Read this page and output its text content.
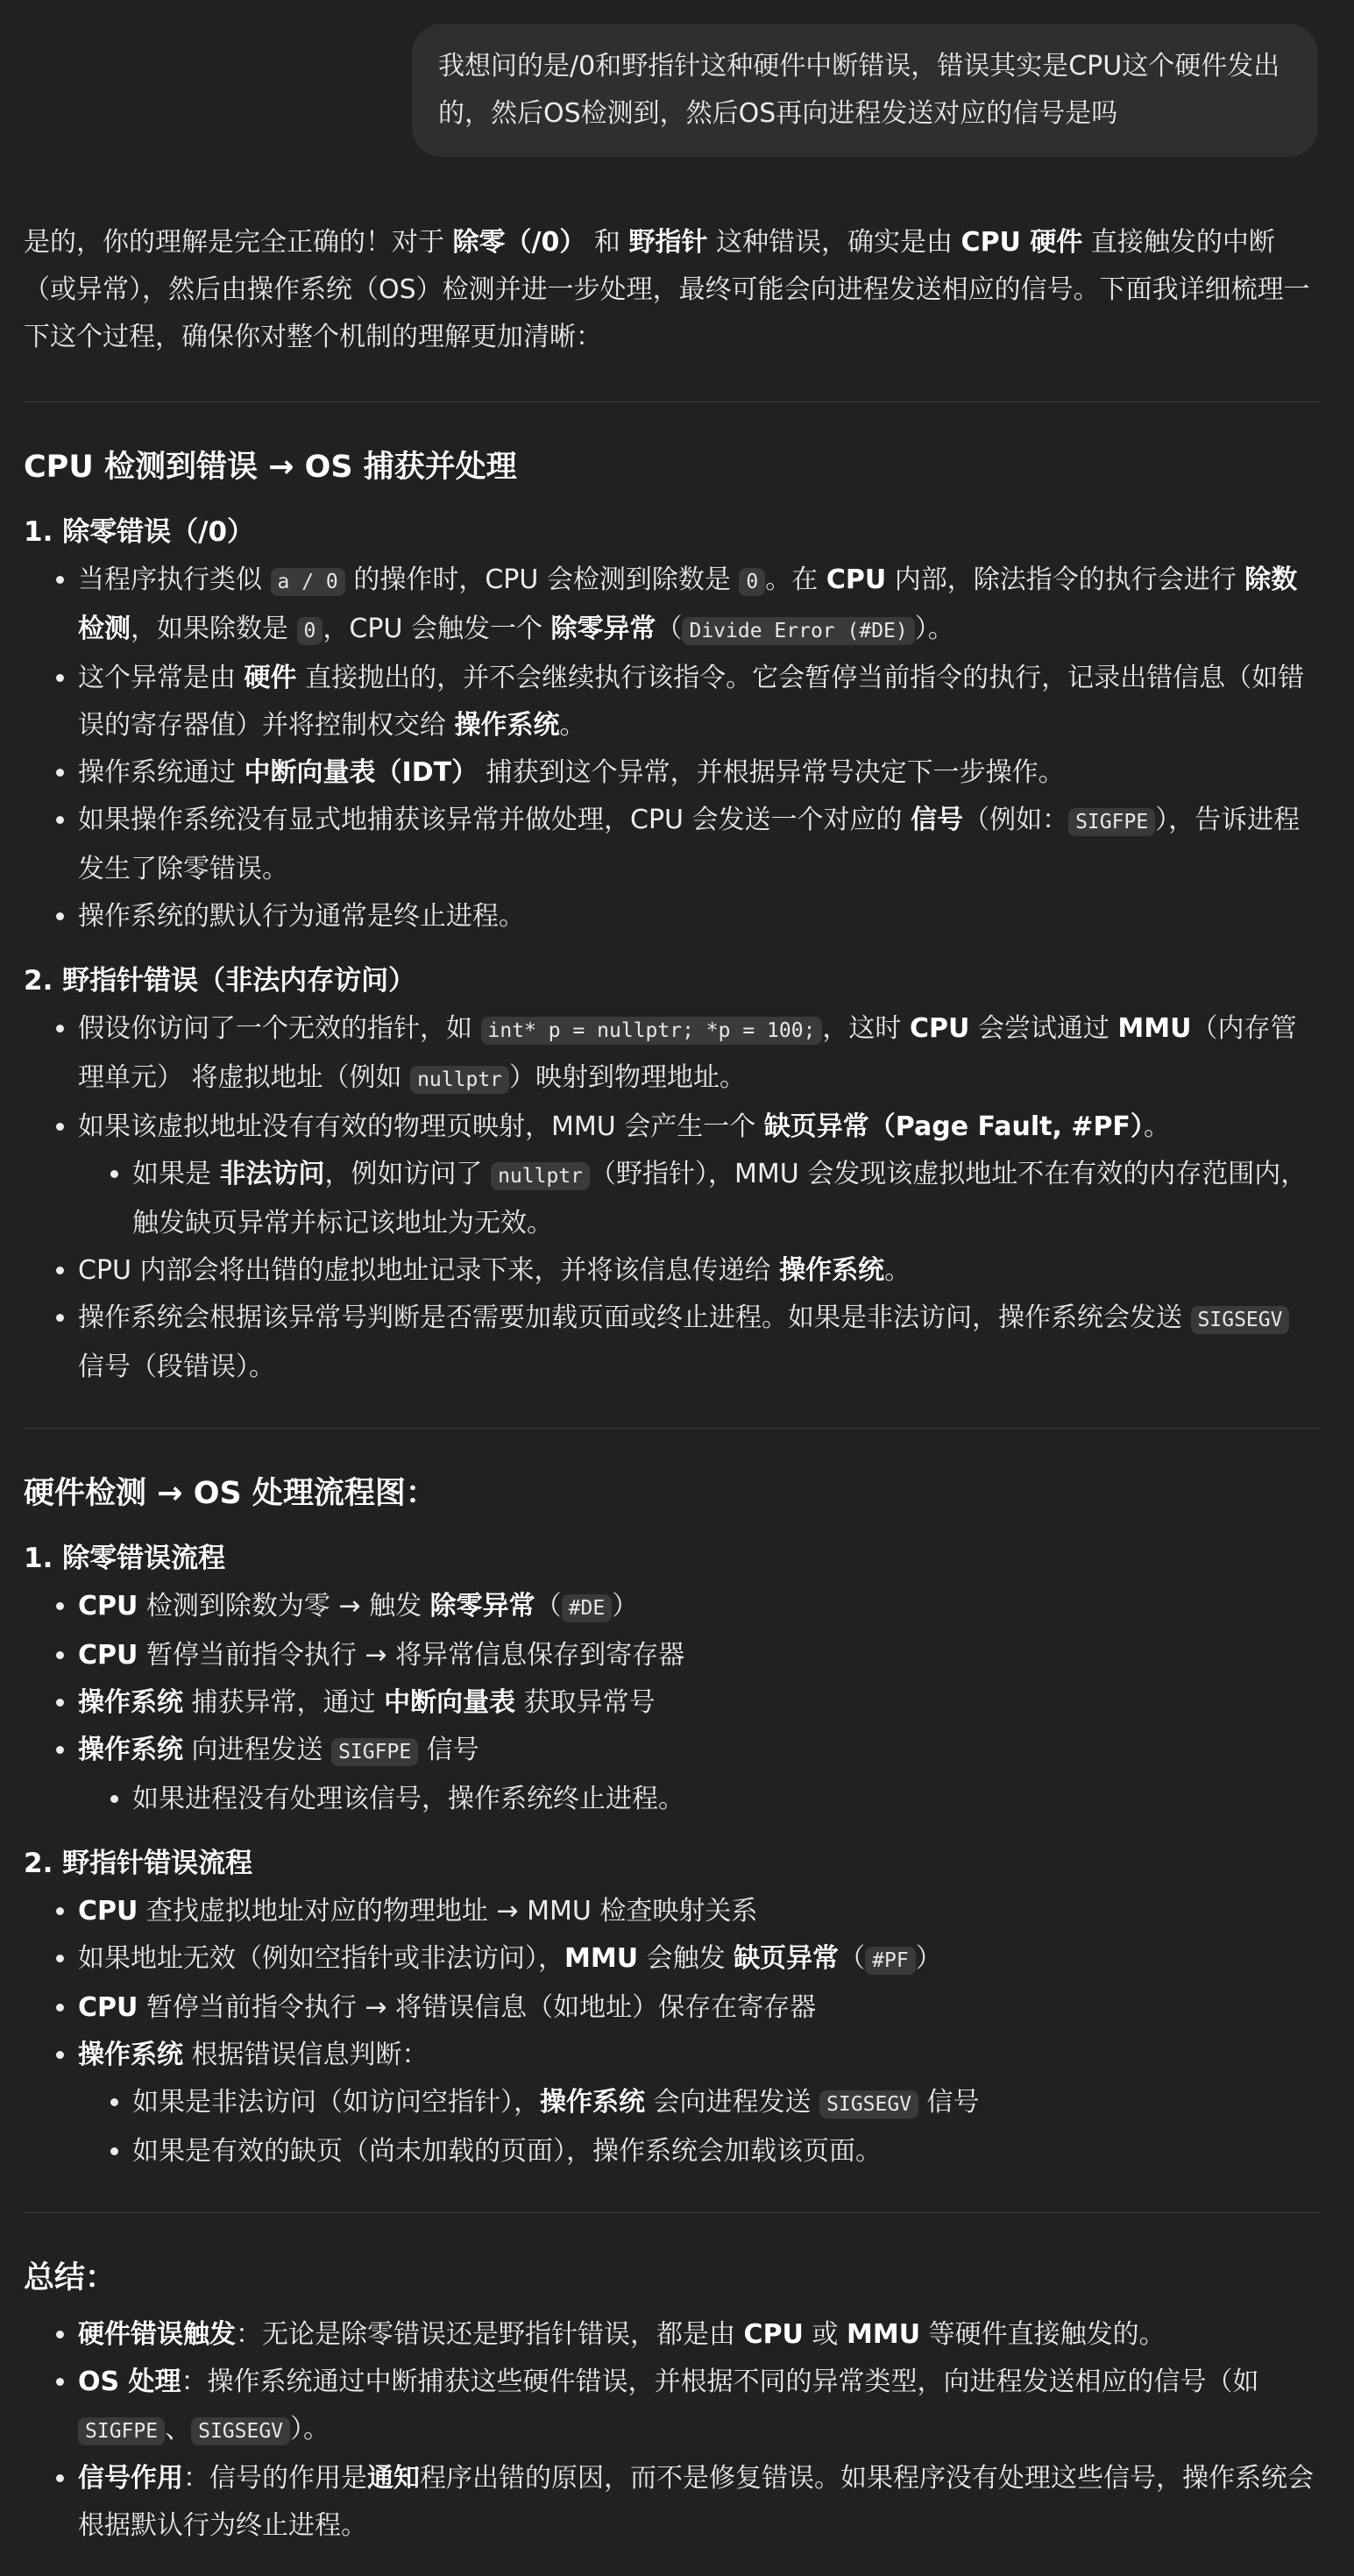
我想问的是/0和野指针这种硬件中断错误，错误其实是CPU这个硬件发出的，然后OS检测到，然后OS再向进程发送对应的信号是吗

是的，你的理解是完全正确的！对于 除零（/0） 和 野指针 这种错误，确实是由 CPU 硬件 直接触发的中断（或异常），然后由操作系统（OS）检测并进一步处理，最终可能会向进程发送相应的信号。下面我详细梳理一下这个过程，确保你对整个机制的理解更加清晰：

CPU 检测到错误 → OS 捕获并处理
1. 除零错误（/0）
• 当程序执行类似 a / 0 的操作时，CPU 会检测到除数是 0 。在 CPU 内部，除法指令的执行会进行 除数检测，如果除数是 0 ，CPU 会触发一个 除零异常（ Divide Error (#DE) ）。
• 这个异常是由 硬件 直接抛出的，并不会继续执行该指令。它会暂停当前指令的执行，记录出错信息（如错误的寄存器值）并将控制权交给 操作系统。
• 操作系统通过 中断向量表（IDT） 捕获到这个异常，并根据异常号决定下一步操作。
• 如果操作系统没有显式地捕获该异常并做处理，CPU 会发送一个对应的 信号（例如： SIGFPE ），告诉进程发生了除零错误。
• 操作系统的默认行为通常是终止进程。
2. 野指针错误（非法内存访问）
• 假设你访问了一个无效的指针，如 int* p = nullptr; *p = 100; ，这时 CPU 会尝试通过 MMU（内存管理单元） 将虚拟地址（例如 nullptr ）映射到物理地址。
• 如果该虚拟地址没有有效的物理页映射，MMU 会产生一个 缺页异常（Page Fault, #PF）。
• 如果是 非法访问，例如访问了 nullptr （野指针），MMU 会发现该虚拟地址不在有效的内存范围内，触发缺页异常并标记该地址为无效。
• CPU 内部会将出错的虚拟地址记录下来，并将该信息传递给 操作系统。
• 操作系统会根据该异常号判断是否需要加载页面或终止进程。如果是非法访问，操作系统会发送 SIGSEGV 信号（段错误）。
硬件检测 → OS 处理流程图：
1. 除零错误流程
• CPU 检测到除数为零 → 触发 除零异常（ #DE ）
• CPU 暂停当前指令执行 → 将异常信息保存到寄存器
• 操作系统 捕获异常，通过 中断向量表 获取异常号
• 操作系统 向进程发送 SIGFPE 信号
• 如果进程没有处理该信号，操作系统终止进程。
2. 野指针错误流程
• CPU 查找虚拟地址对应的物理地址 → MMU 检查映射关系
• 如果地址无效（例如空指针或非法访问），MMU 会触发 缺页异常（ #PF ）
• CPU 暂停当前指令执行 → 将错误信息（如地址）保存在寄存器
• 操作系统 根据错误信息判断：
• 如果是非法访问（如访问空指针），操作系统 会向进程发送 SIGSEGV 信号
• 如果是有效的缺页（尚未加载的页面），操作系统会加载该页面。
总结：
• 硬件错误触发：无论是除零错误还是野指针错误，都是由 CPU 或 MMU 等硬件直接触发的。
• OS 处理：操作系统通过中断捕获这些硬件错误，并根据不同的异常类型，向进程发送相应的信号（如 SIGFPE 、 SIGSEGV ）。
• 信号作用：信号的作用是通知程序出错的原因，而不是修复错误。如果程序没有处理这些信号，操作系统会根据默认行为终止进程。
